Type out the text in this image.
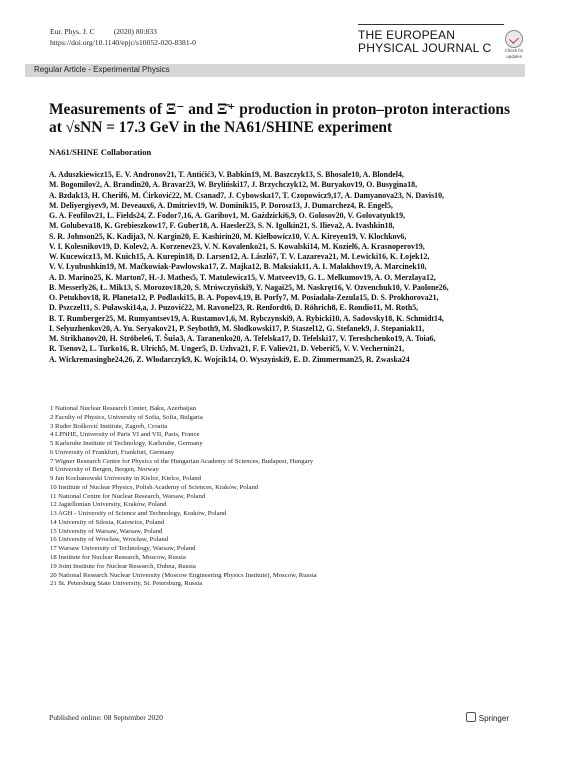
Eur. Phys. J. C          (2020) 80:833
https://doi.org/10.1140/epjc/s10052-020-8381-0	THE EUROPEAN
PHYSICAL JOURNAL C	Check for
updates
Regular Article - Experimental Physics
Measurements of Ξ⁻ and Ξ̄⁺ production in proton–proton interactions at √sNN = 17.3 GeV in the NA61/SHINE experiment
NA61/SHINE Collaboration
A. Aduszkiewicz15, E. V. Andronov21, T. Antićić3, V. Babkin19, M. Baszczyk13, S. Bhosale10, A. Blondel4,
M. Bogomilov2, A. Brandin20, A. Bravar23, W. Bryliński17, J. Brzychczyk12, M. Buryakov19, O. Busygina18,
A. Bzdak13, H. Cherif6, M. Ćirković22, M. Csanad7, J. Cybowska17, T. Czopowicz9,17, A. Damyanova23, N. Davis10,
M. Deliyergiyev9, M. Deveaux6, A. Dmitriev19, W. Dominik15, P. Dorosz13, J. Dumarchez4, R. Engel5,
G. A. Feofilov21, L. Fields24, Z. Fodor7,16, A. Garibov1, M. Gaździcki6,9, O. Golosov20, V. Golovatyuk19,
M. Golubeva18, K. Grebieszkow17, F. Guber18, A. Haesler23, S. N. Igolkin21, S. Ilieva2, A. Ivashkin18,
S. R. Johnson25, K. Kadija3, N. Kargin20, E. Kashirin20, M. Kiełbowicz10, V. A. Kireyeu19, V. Klochkov6,
V. I. Kolesnikov19, D. Kolev2, A. Korzenev23, V. N. Kovalenko21, S. Kowalski14, M. Koziel6, A. Krasnoperov19,
W. Kucewicz13, M. Kuich15, A. Kurepin18, D. Larsen12, A. László7, T. V. Lazareva21, M. Lewicki16, K. Łojek12,
V. V. Lyubushkin19, M. Maćkowiak-Pawłowska17, Z. Majka12, B. Maksiak11, A. I. Malakhov19, A. Marcinek10,
A. D. Marino25, K. Marton7, H.-J. Mathes5, T. Matulewicz15, V. Matveev19, G. L. Melkumov19, A. O. Merzlaya12,
B. Messerly26, Ł. Mik13, S. Morozov18,20, S. Mrówczyński9, Y. Nagai25, M. Naskręt16, V. Ozvenchuk10, V. Paolone26,
O. Petukhov18, R. Płaneta12, P. Podlaski15, B. A. Popov4,19, B. Porfy7, M. Posiadała-Zezula15, D. S. Prokhorova21,
D. Pszczel11, S. Puławski14,a, J. Puzović22, M. Ravonel23, R. Renfordt6, D. Röhrich8, E. Rondio11, M. Roth5,
B. T. Rumberger25, M. Rumyantsev19, A. Rustamov1,6, M. Rybczynski9, A. Rybicki10, A. Sadovsky18, K. Schmidt14,
I. Selyuzhenkov20, A. Yu. Seryakov21, P. Seyboth9, M. Słodkowski17, P. Staszel12, G. Stefanek9, J. Stepaniak11,
M. Strikhanov20, H. Ströbele6, T. Šuša3, A. Taranenko20, A. Tefelska17, D. Tefelski17, V. Tereshchenko19, A. Toia6,
R. Tsenov2, L. Turko16, R. Ulrich5, M. Unger5, D. Uzhva21, F. F. Valiev21, D. Veberič5, V. V. Vechernin21,
A. Wickremasinghe24,26, Z. Włodarczyk9, K. Wojcik14, O. Wyszyński9, E. D. Zimmerman25, R. Zwaska24
1 National Nuclear Research Center, Baku, Azerbaijan
2 Faculty of Physics, University of Sofia, Sofia, Bulgaria
3 Ruđer Bošković Institute, Zagreb, Croatia
4 LPNHE, University of Paris VI and VII, Paris, France
5 Karlsruhe Institute of Technology, Karlsruhe, Germany
6 University of Frankfurt, Frankfurt, Germany
7 Wigner Research Centre for Physics of the Hungarian Academy of Sciences, Budapest, Hungary
8 University of Bergen, Bergen, Norway
9 Jan Kochanowski University in Kielce, Kielce, Poland
10 Institute of Nuclear Physics, Polish Academy of Sciences, Kraków, Poland
11 National Centre for Nuclear Research, Warsaw, Poland
12 Jagiellonian University, Kraków, Poland
13 AGH - University of Science and Technology, Kraków, Poland
14 University of Silesia, Katowice, Poland
15 University of Warsaw, Warsaw, Poland
16 University of Wrocław, Wrocław, Poland
17 Warsaw University of Technology, Warsaw, Poland
18 Institute for Nuclear Research, Moscow, Russia
19 Joint Institute for Nuclear Research, Dubna, Russia
20 National Research Nuclear University (Moscow Engineering Physics Institute), Moscow, Russia
21 St. Petersburg State University, St. Petersburg, Russia
Published online: 08 September 2020	Springer
